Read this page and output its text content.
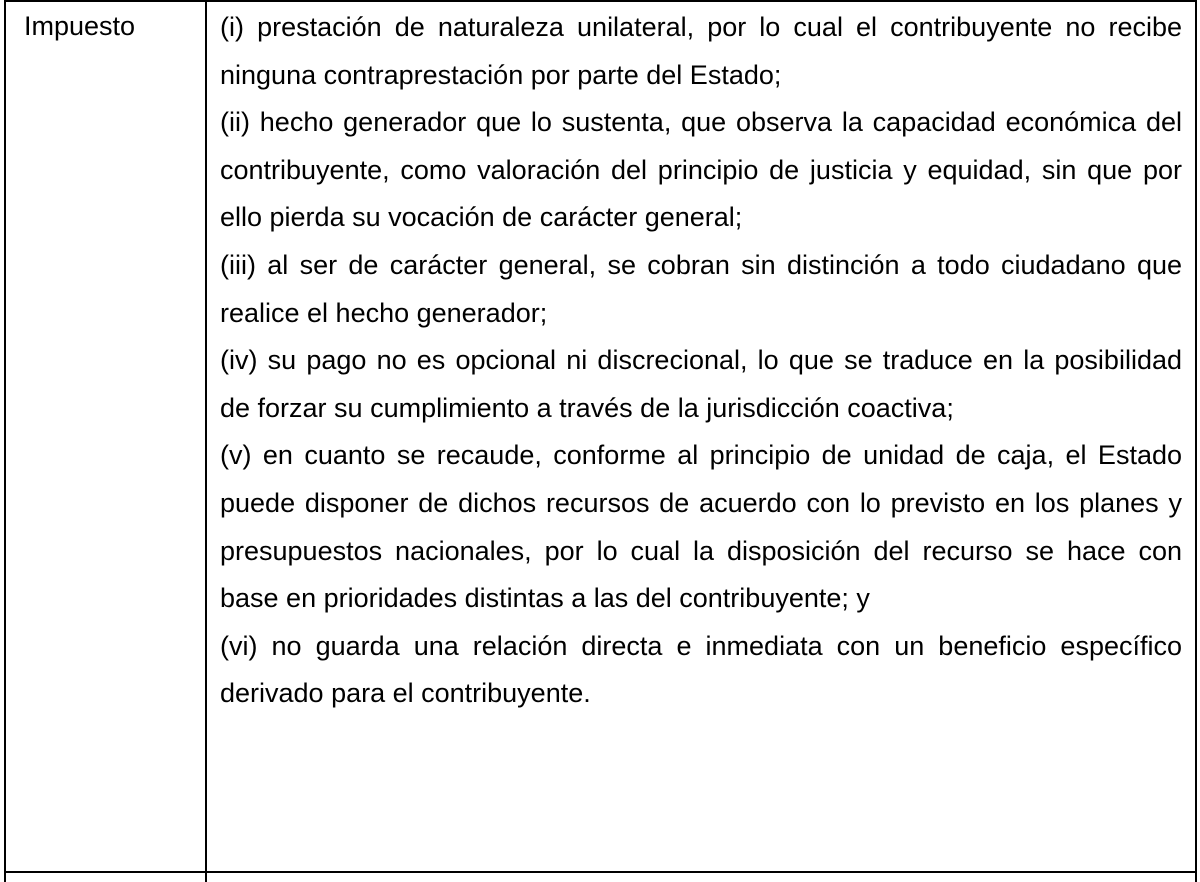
Impuesto	(i) prestación de naturaleza unilateral, por lo cual el contribuyente no recibe ninguna contraprestación por parte del Estado;

(ii) hecho generador que lo sustenta, que observa la capacidad económica del contribuyente, como valoración del principio de justicia y equidad, sin que por ello pierda su vocación de carácter general;

(iii) al ser de carácter general, se cobran sin distinción a todo ciudadano que realice el hecho generador;

(iv) su pago no es opcional ni discrecional, lo que se traduce en la posibilidad de forzar su cumplimiento a través de la jurisdicción coactiva;

(v) en cuanto se recaude, conforme al principio de unidad de caja, el Estado puede disponer de dichos recursos de acuerdo con lo previsto en los planes y presupuestos nacionales, por lo cual la disposición del recurso se hace con base en prioridades distintas a las del contribuyente; y

(vi) no guarda una relación directa e inmediata con un beneficio específico derivado para el contribuyente.
